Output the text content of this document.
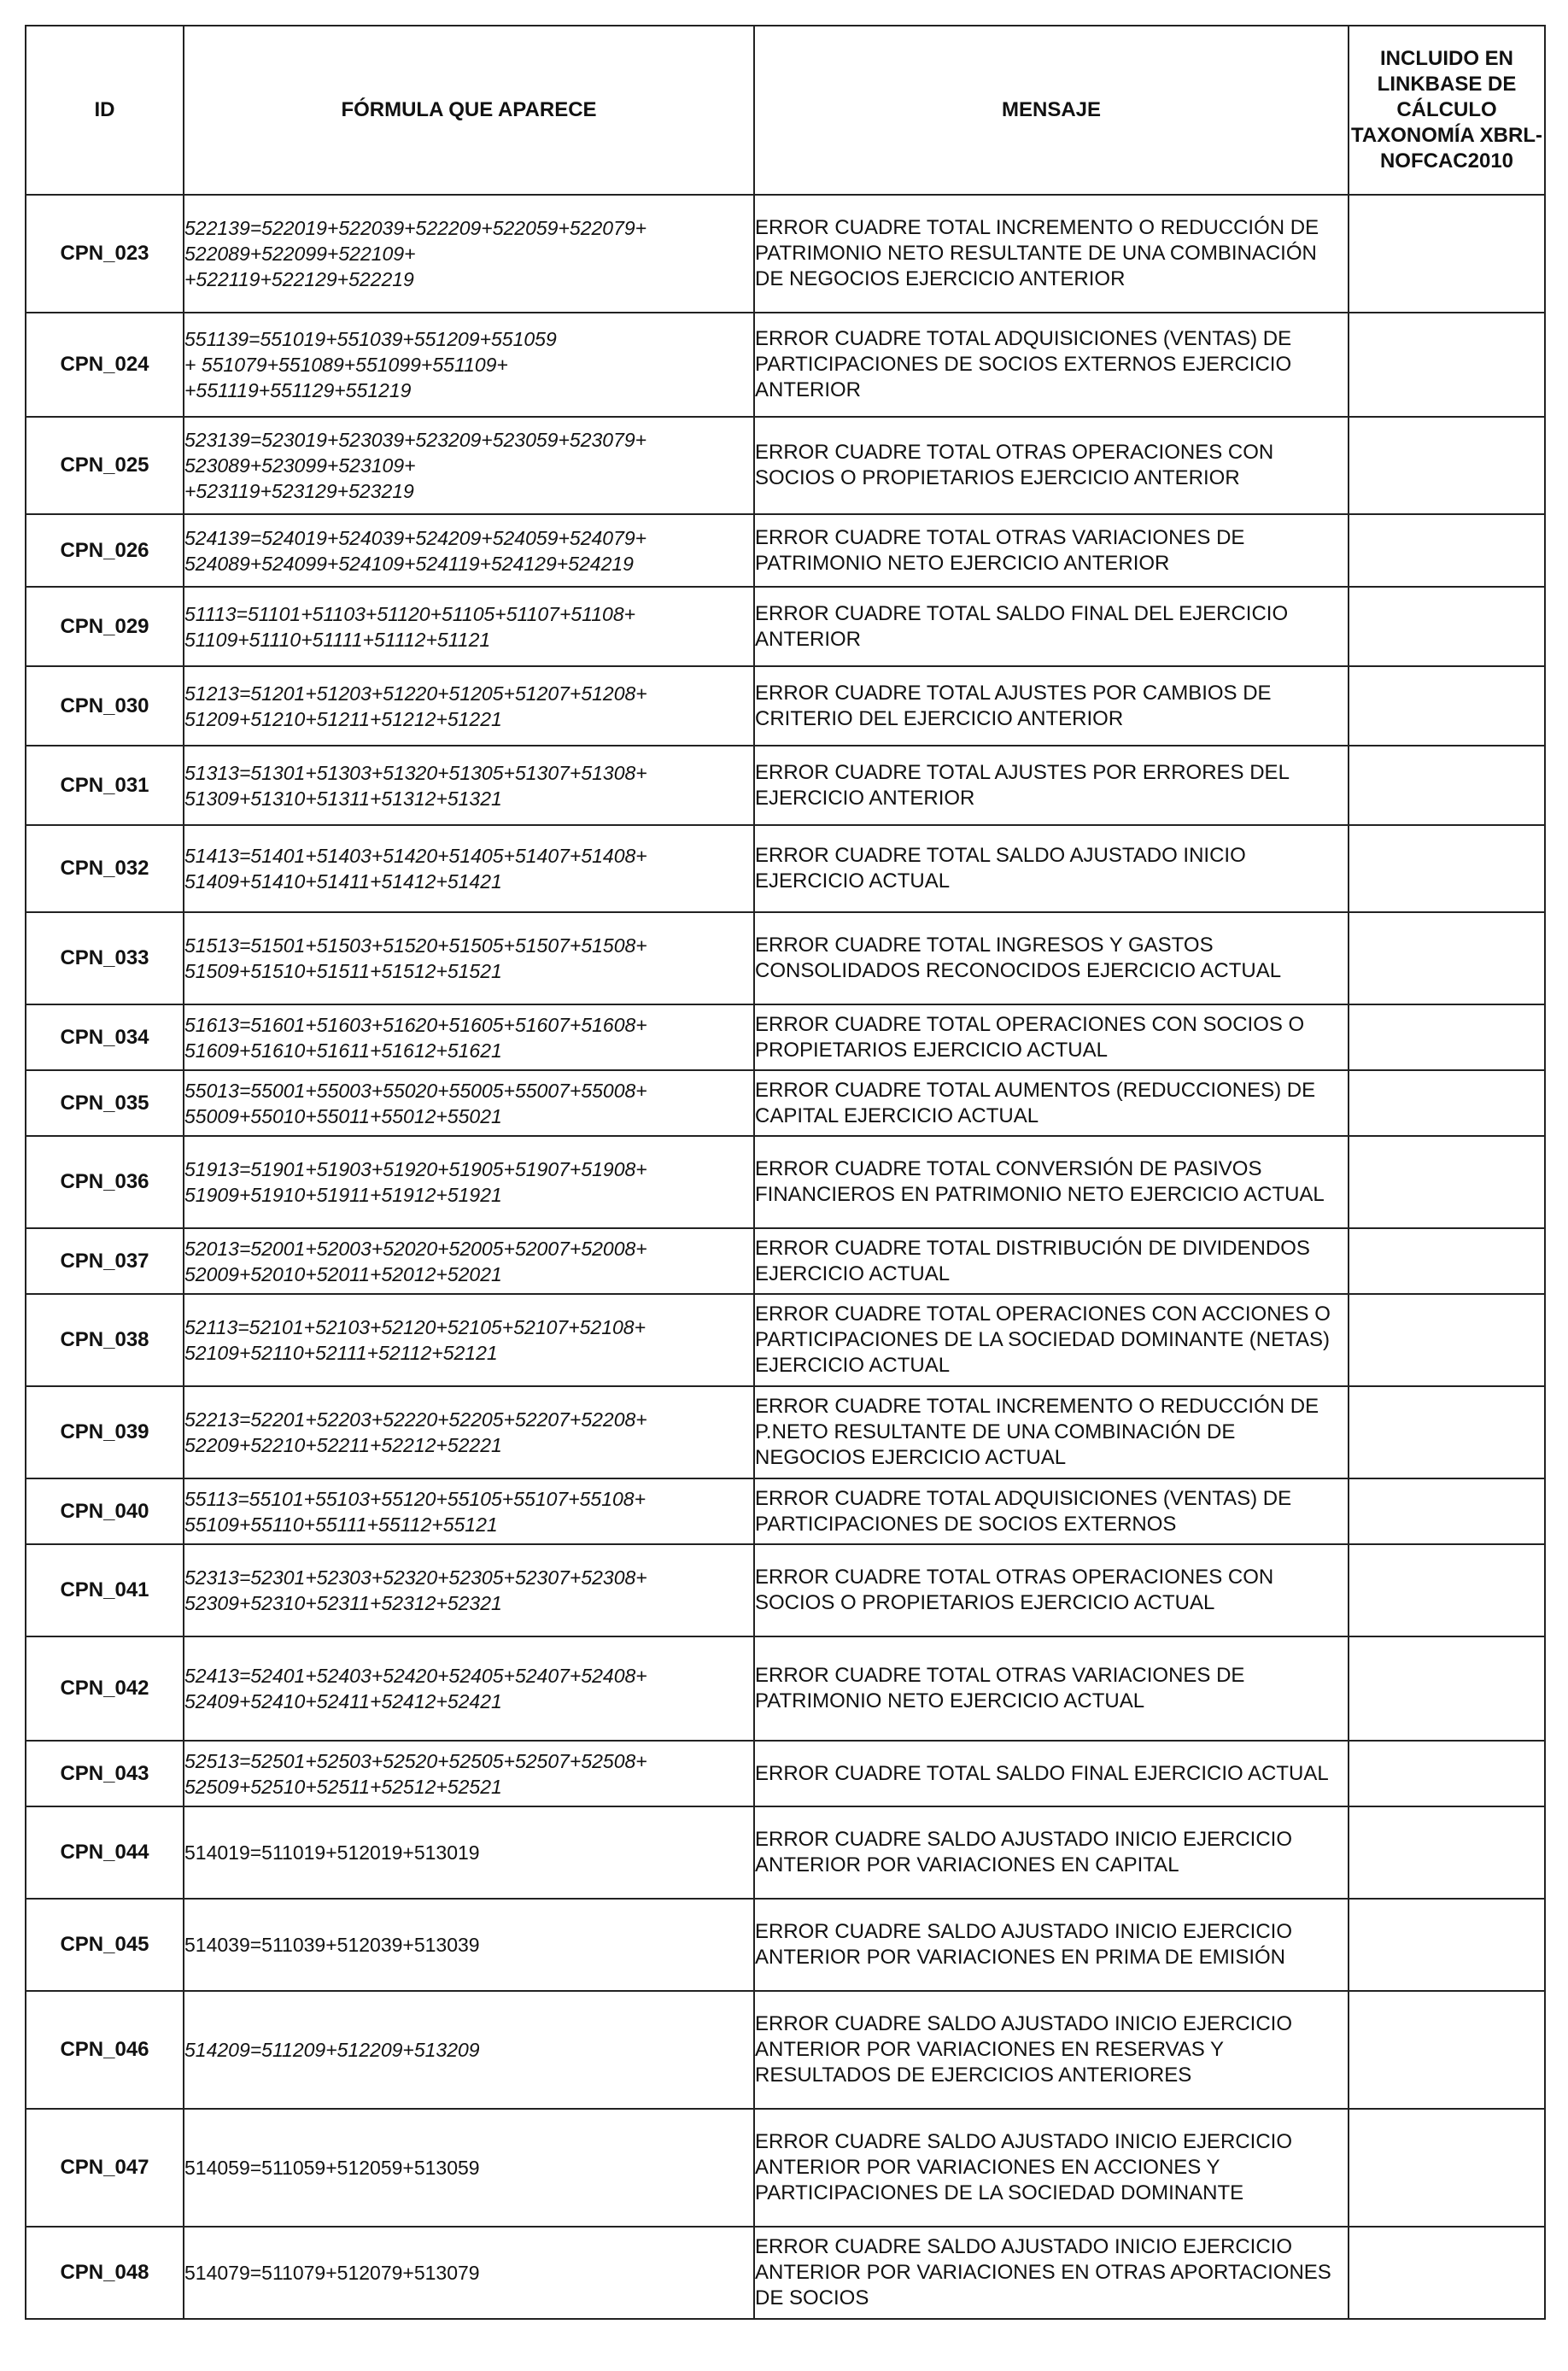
ID	FÓRMULA QUE APARECE	MENSAJE	INCLUIDO EN LINKBASE DE CÁLCULO TAXONOMÍA XBRL-NOFCAC2010
CPN_023	522139=522019+522039+522209+522059+522079+
522089+522099+522109+
+522119+522129+522219	ERROR CUADRE TOTAL INCREMENTO O REDUCCIÓN DE PATRIMONIO NETO RESULTANTE DE UNA COMBINACIÓN DE NEGOCIOS EJERCICIO ANTERIOR	
CPN_024	551139=551019+551039+551209+551059
+ 551079+551089+551099+551109+
+551119+551129+551219	ERROR CUADRE TOTAL ADQUISICIONES (VENTAS) DE PARTICIPACIONES DE SOCIOS EXTERNOS EJERCICIO ANTERIOR	
CPN_025	523139=523019+523039+523209+523059+523079+
523089+523099+523109+
+523119+523129+523219	ERROR CUADRE TOTAL OTRAS OPERACIONES CON SOCIOS O PROPIETARIOS EJERCICIO ANTERIOR	
CPN_026	524139=524019+524039+524209+524059+524079+
524089+524099+524109+524119+524129+524219	ERROR CUADRE TOTAL OTRAS VARIACIONES DE PATRIMONIO NETO EJERCICIO ANTERIOR	
CPN_029	51113=51101+51103+51120+51105+51107+51108+
51109+51110+51111+51112+51121	ERROR CUADRE TOTAL SALDO FINAL DEL EJERCICIO ANTERIOR	
CPN_030	51213=51201+51203+51220+51205+51207+51208+
51209+51210+51211+51212+51221	ERROR CUADRE TOTAL AJUSTES POR CAMBIOS DE CRITERIO DEL EJERCICIO ANTERIOR	
CPN_031	51313=51301+51303+51320+51305+51307+51308+
51309+51310+51311+51312+51321	ERROR CUADRE TOTAL AJUSTES POR ERRORES DEL EJERCICIO ANTERIOR	
CPN_032	51413=51401+51403+51420+51405+51407+51408+
51409+51410+51411+51412+51421	ERROR CUADRE TOTAL SALDO AJUSTADO INICIO EJERCICIO ACTUAL	
CPN_033	51513=51501+51503+51520+51505+51507+51508+
51509+51510+51511+51512+51521	ERROR CUADRE TOTAL INGRESOS Y GASTOS CONSOLIDADOS RECONOCIDOS EJERCICIO ACTUAL	
CPN_034	51613=51601+51603+51620+51605+51607+51608+
51609+51610+51611+51612+51621	ERROR CUADRE TOTAL OPERACIONES CON SOCIOS O PROPIETARIOS EJERCICIO ACTUAL	
CPN_035	55013=55001+55003+55020+55005+55007+55008+
55009+55010+55011+55012+55021	ERROR CUADRE TOTAL AUMENTOS (REDUCCIONES) DE CAPITAL EJERCICIO ACTUAL	
CPN_036	51913=51901+51903+51920+51905+51907+51908+
51909+51910+51911+51912+51921	ERROR CUADRE TOTAL CONVERSIÓN DE PASIVOS FINANCIEROS EN PATRIMONIO NETO EJERCICIO ACTUAL	
CPN_037	52013=52001+52003+52020+52005+52007+52008+
52009+52010+52011+52012+52021	ERROR CUADRE TOTAL DISTRIBUCIÓN DE DIVIDENDOS EJERCICIO ACTUAL	
CPN_038	52113=52101+52103+52120+52105+52107+52108+
52109+52110+52111+52112+52121	ERROR CUADRE TOTAL OPERACIONES CON ACCIONES O PARTICIPACIONES DE LA SOCIEDAD DOMINANTE (NETAS) EJERCICIO ACTUAL	
CPN_039	52213=52201+52203+52220+52205+52207+52208+
52209+52210+52211+52212+52221	ERROR CUADRE TOTAL INCREMENTO O REDUCCIÓN DE P.NETO RESULTANTE DE UNA COMBINACIÓN DE NEGOCIOS EJERCICIO ACTUAL	
CPN_040	55113=55101+55103+55120+55105+55107+55108+
55109+55110+55111+55112+55121	ERROR CUADRE TOTAL ADQUISICIONES (VENTAS) DE PARTICIPACIONES DE SOCIOS EXTERNOS	
CPN_041	52313=52301+52303+52320+52305+52307+52308+
52309+52310+52311+52312+52321	ERROR CUADRE TOTAL OTRAS OPERACIONES CON SOCIOS O PROPIETARIOS EJERCICIO ACTUAL	
CPN_042	52413=52401+52403+52420+52405+52407+52408+
52409+52410+52411+52412+52421	ERROR CUADRE TOTAL OTRAS VARIACIONES DE PATRIMONIO NETO EJERCICIO ACTUAL	
CPN_043	52513=52501+52503+52520+52505+52507+52508+
52509+52510+52511+52512+52521	ERROR CUADRE TOTAL SALDO FINAL EJERCICIO ACTUAL	
CPN_044	514019=511019+512019+513019	ERROR CUADRE SALDO AJUSTADO INICIO EJERCICIO ANTERIOR POR VARIACIONES EN CAPITAL	
CPN_045	514039=511039+512039+513039	ERROR CUADRE SALDO AJUSTADO INICIO EJERCICIO ANTERIOR POR VARIACIONES EN PRIMA DE EMISIÓN	
CPN_046	514209=511209+512209+513209	ERROR CUADRE SALDO AJUSTADO INICIO EJERCICIO ANTERIOR POR VARIACIONES EN RESERVAS Y RESULTADOS DE EJERCICIOS ANTERIORES	
CPN_047	514059=511059+512059+513059	ERROR CUADRE SALDO AJUSTADO INICIO EJERCICIO ANTERIOR POR VARIACIONES EN ACCIONES Y PARTICIPACIONES DE LA SOCIEDAD DOMINANTE	
CPN_048	514079=511079+512079+513079	ERROR CUADRE SALDO AJUSTADO INICIO EJERCICIO ANTERIOR POR VARIACIONES EN OTRAS APORTACIONES DE SOCIOS	
